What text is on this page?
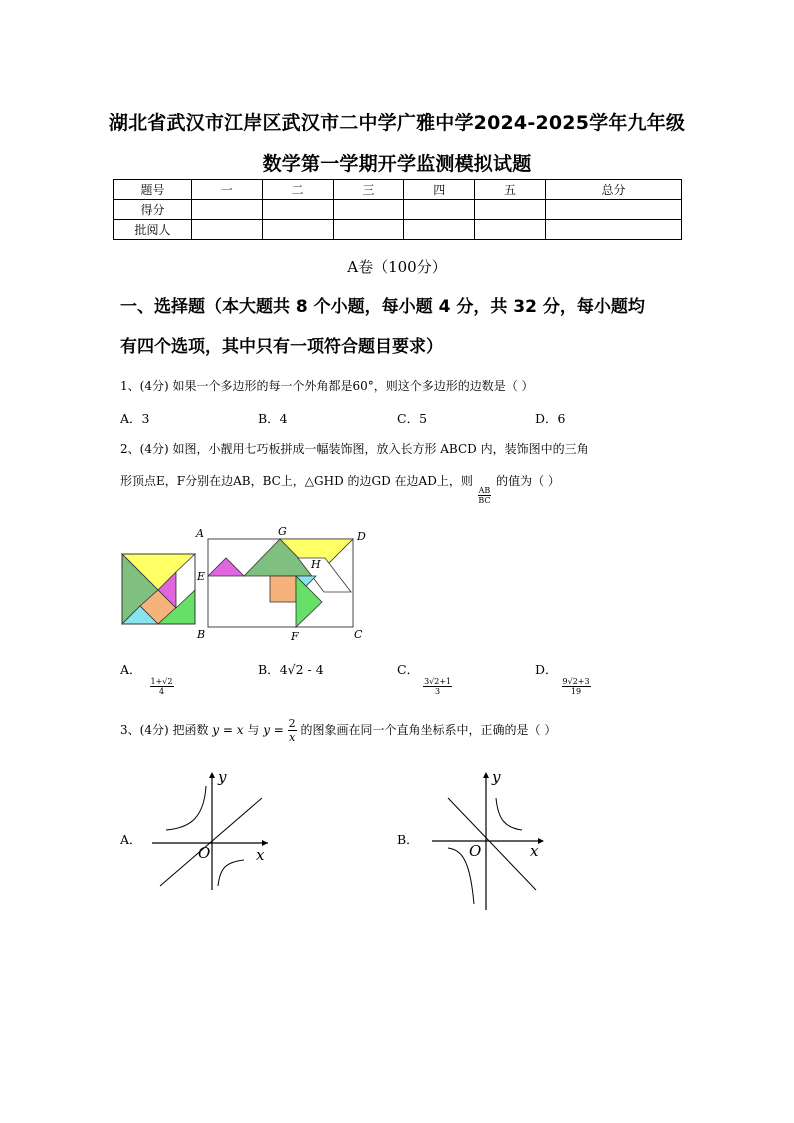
湖北省武汉市江岸区武汉市二中学广雅中学2024-2025学年九年级
数学第一学期开学监测模拟试题
题号	一	二	三	四	五	总分
得分						
批阅人						
A卷（100分）
一、选择题（本大题共 8 个小题，每小题 4 分，共 32 分，每小题均
有四个选项，其中只有一项符合题目要求）
1、(4分) 如果一个多边形的每一个外角都是60°，则这个多边形的边数是（ ）
A．3	B．4	C．5	D．6
2、(4分) 如图，小靓用七巧板拼成一幅装饰图，放入长方形 ABCD 内，装饰图中的三角
形顶点E，F分别在边AB，BC上，△GHD 的边GD 在边AD上，则
$\frac{AB}{BC}$
的值为（ ）
A
B	C
D
E
F
G
H
A．
$\frac{1+√2}{4}$
B．4√2 - 4	C．
$\frac{3√2+1}{3}$
D．
$\frac{9√2+3}{19}$
3、(4分) 把函数 y = x 与 $y = \frac{2}{x}$ 的图象画在同一个直角坐标系中，正确的是（ ）
A．
O	x
y
B．
O	x
y
